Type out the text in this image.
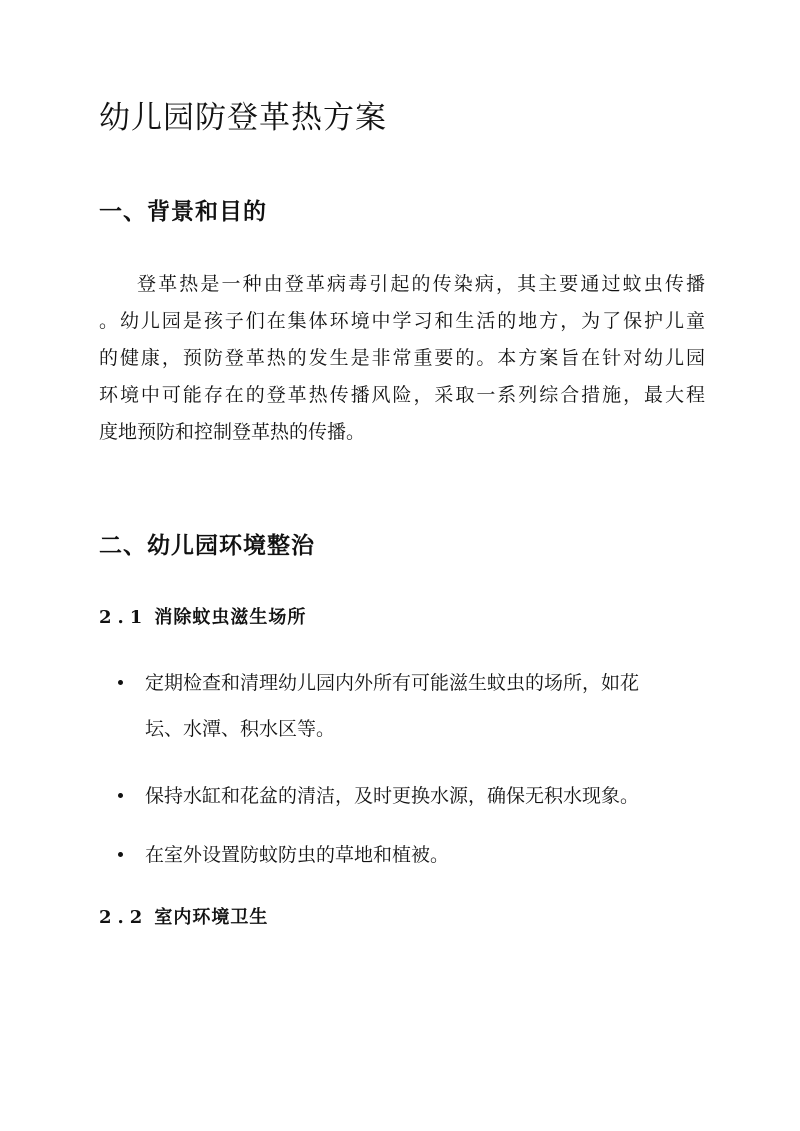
幼儿园防登革热方案
一、背景和目的
登革热是一种由登革病毒引起的传染病，其主要通过蚊虫传播
。幼儿园是孩子们在集体环境中学习和生活的地方，为了保护儿童
的健康，预防登革热的发生是非常重要的。本方案旨在针对幼儿园
环境中可能存在的登革热传播风险，采取一系列综合措施，最大程
度地预防和控制登革热的传播。
二、幼儿园环境整治
2.1 消除蚊虫滋生场所
定期检查和清理幼儿园内外所有可能滋生蚊虫的场所，如花
坛、水潭、积水区等。
保持水缸和花盆的清洁，及时更换水源，确保无积水现象。
在室外设置防蚊防虫的草地和植被。
2.2 室内环境卫生
